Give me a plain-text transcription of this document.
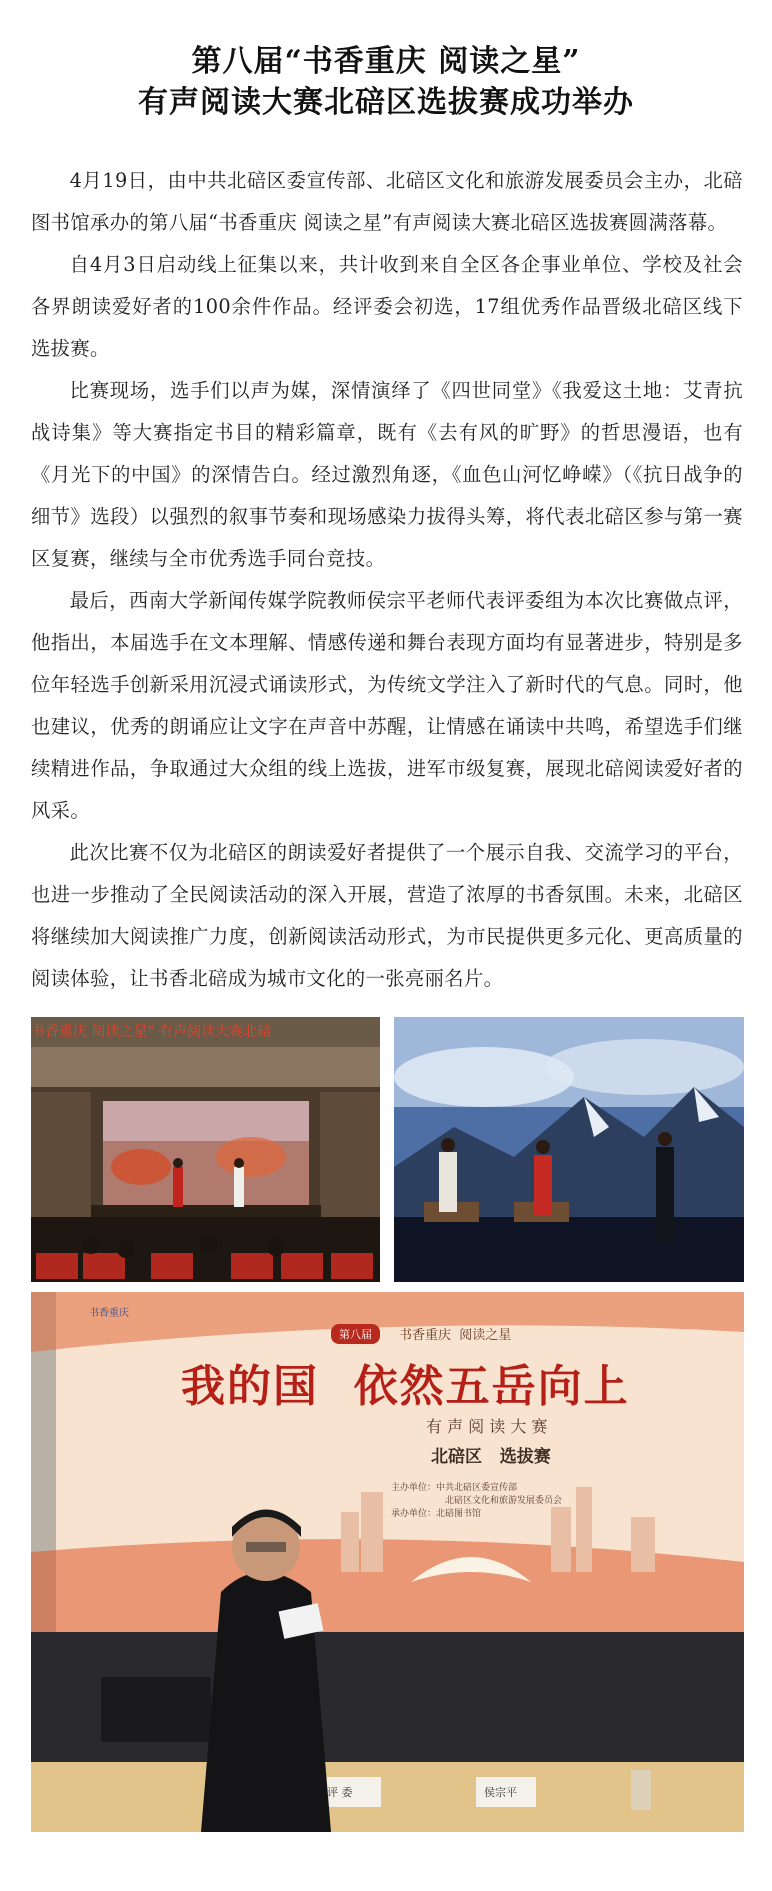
第八届“书香重庆 阅读之星”
有声阅读大赛北碚区选拔赛成功举办

4月19日，由中共北碚区委宣传部、北碚区文化和旅游发展委员会主办，北碚图书馆承办的第八届“书香重庆 阅读之星”有声阅读大赛北碚区选拔赛圆满落幕。

自4月3日启动线上征集以来，共计收到来自全区各企事业单位、学校及社会各界朗读爱好者的100余件作品。经评委会初选，17组优秀作品晋级北碚区线下选拔赛。

比赛现场，选手们以声为媒，深情演绎了《四世同堂》《我爱这土地：艾青抗战诗集》等大赛指定书目的精彩篇章，既有《去有风的旷野》的哲思漫语，也有《月光下的中国》的深情告白。经过激烈角逐，《血色山河忆峥嵘》（《抗日战争的细节》选段）以强烈的叙事节奏和现场感染力拔得头筹，将代表北碚区参与第一赛区复赛，继续与全市优秀选手同台竞技。

最后，西南大学新闻传媒学院教师侯宗平老师代表评委组为本次比赛做点评，他指出，本届选手在文本理解、情感传递和舞台表现方面均有显著进步，特别是多位年轻选手创新采用沉浸式诵读形式，为传统文学注入了新时代的气息。同时，他也建议，优秀的朗诵应让文字在声音中苏醒，让情感在诵读中共鸣，希望选手们继续精进作品，争取通过大众组的线上选拔，进军市级复赛，展现北碚阅读爱好者的风采。

此次比赛不仅为北碚区的朗读爱好者提供了一个展示自我、交流学习的平台，也进一步推动了全民阅读活动的深入开展，营造了浓厚的书香氛围。未来，北碚区将继续加大阅读推广力度，创新阅读活动形式，为市民提供更多元化、更高质量的阅读体验，让书香北碚成为城市文化的一张亮丽名片。

书香重庆 阅读之星” 有声阅读大赛北碚
书香重庆
第八届	书香重庆  阅读之星
我的国  依然五岳向上
有 声 阅 读 大 赛
北碚区   选拔赛
主办单位：中共北碚区委宣传部
北碚区文化和旅游发展委员会
承办单位：北碚图书馆
评 委	侯宗平
